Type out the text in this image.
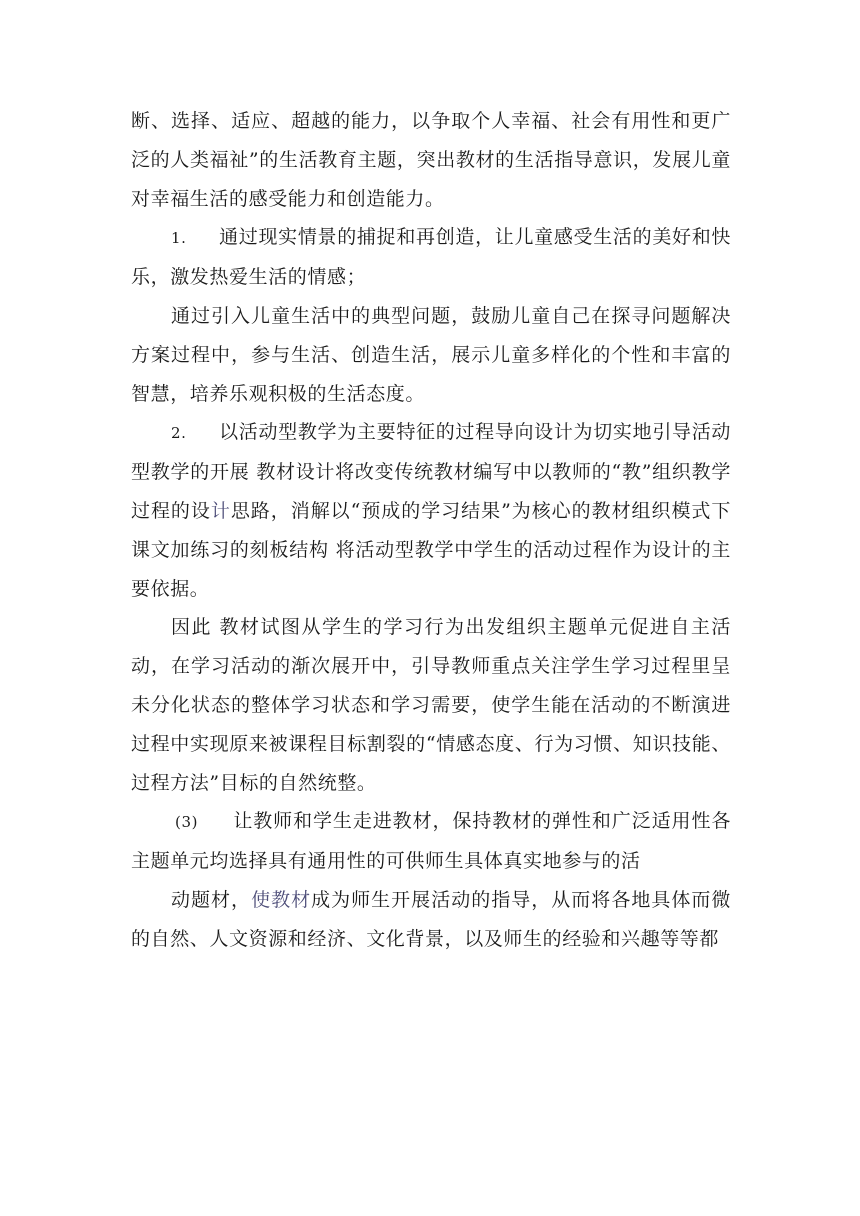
断、选择、适应、超越的能力，以争取个人幸福、社会有用性和更广泛的人类福祉”的生活教育主题，突出教材的生活指导意识，发展儿童对幸福生活的感受能力和创造能力。

1. 通过现实情景的捕捉和再创造，让儿童感受生活的美好和快乐，激发热爱生活的情感；

通过引入儿童生活中的典型问题，鼓励儿童自己在探寻问题解决方案过程中，参与生活、创造生活，展示儿童多样化的个性和丰富的智慧，培养乐观积极的生活态度。

2. 以活动型教学为主要特征的过程导向设计为切实地引导活动型教学的开展 教材设计将改变传统教材编写中以教师的“教”组织教学过程的设计思路，消解以“预成的学习结果”为核心的教材组织模式下课文加练习的刻板结构 将活动型教学中学生的活动过程作为设计的主要依据。

因此 教材试图从学生的学习行为出发组织主题单元促进自主活动，在学习活动的渐次展开中，引导教师重点关注学生学习过程里呈未分化状态的整体学习状态和学习需要，使学生能在活动的不断演进过程中实现原来被课程目标割裂的“情感态度、行为习惯、知识技能、过程方法”目标的自然统整。

(3) 让教师和学生走进教材，保持教材的弹性和广泛适用性各主题单元均选择具有通用性的可供师生具体真实地参与的活

动题材，使教材成为师生开展活动的指导，从而将各地具体而微的自然、人文资源和经济、文化背景，以及师生的经验和兴趣等等都
